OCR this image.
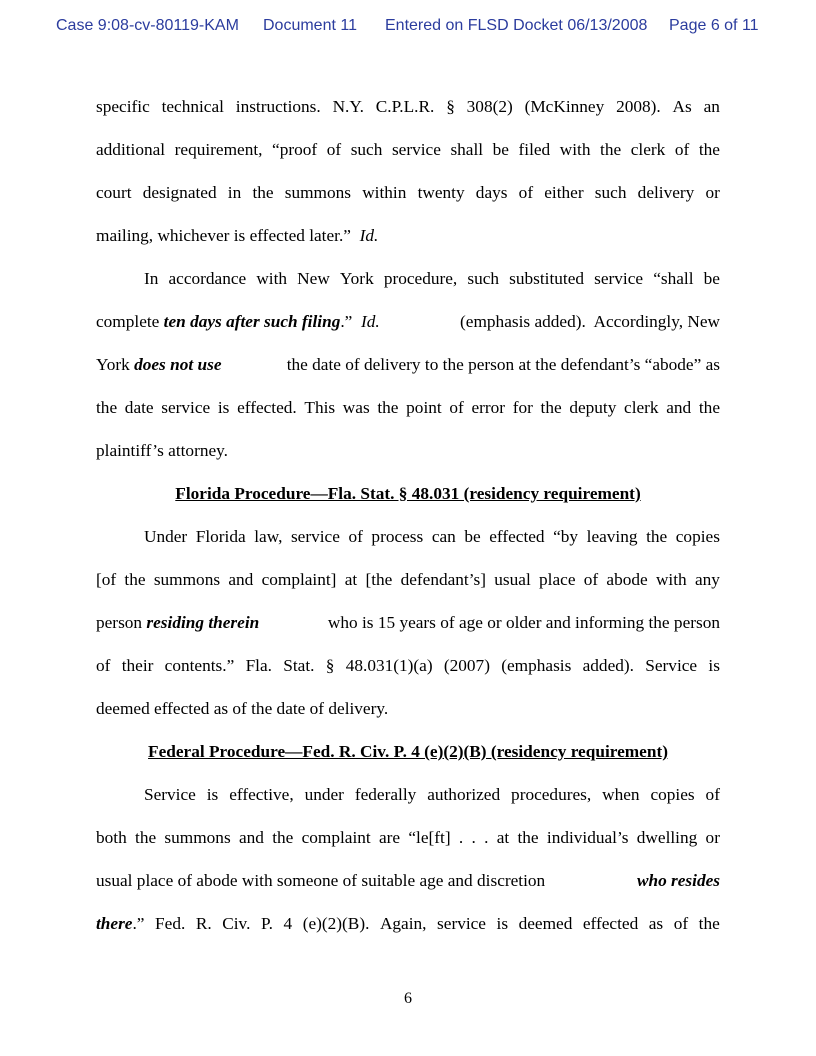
Case 9:08-cv-80119-KAM Document 11 Entered on FLSD Docket 06/13/2008 Page 6 of 11
specific technical instructions. N.Y. C.P.L.R. § 308(2) (McKinney 2008). As an
additional requirement, “proof of such service shall be filed with the clerk of the
court designated in the summons within twenty days of either such delivery or
mailing, whichever is effected later.” Id.
In accordance with New York procedure, such substituted service “shall be
complete ten days after such filing.”  Id.	(emphasis added).  Accordingly, New
York does not use	the date of delivery to the person at the defendant’s “abode” as
the date service is effected. This was the point of error for the deputy clerk and the
plaintiff’s attorney.
Florida Procedure—Fla. Stat. § 48.031 (residency requirement)
Under Florida law, service of process can be effected “by leaving the copies
[of the summons and complaint] at [the defendant’s] usual place of abode with any
person residing therein	who is 15 years of age or older and informing the person
of their contents.” Fla. Stat. § 48.031(1)(a) (2007) (emphasis added). Service is
deemed effected as of the date of delivery.
Federal Procedure—Fed. R. Civ. P. 4 (e)(2)(B) (residency requirement)
Service is effective, under federally authorized procedures, when copies of
both the summons and the complaint are “le[ft] . . . at the individual’s dwelling or
usual place of abode with someone of suitable age and discretion	who resides
there .” Fed. R. Civ. P. 4 (e)(2)(B). Again, service is deemed effected as of the
6
